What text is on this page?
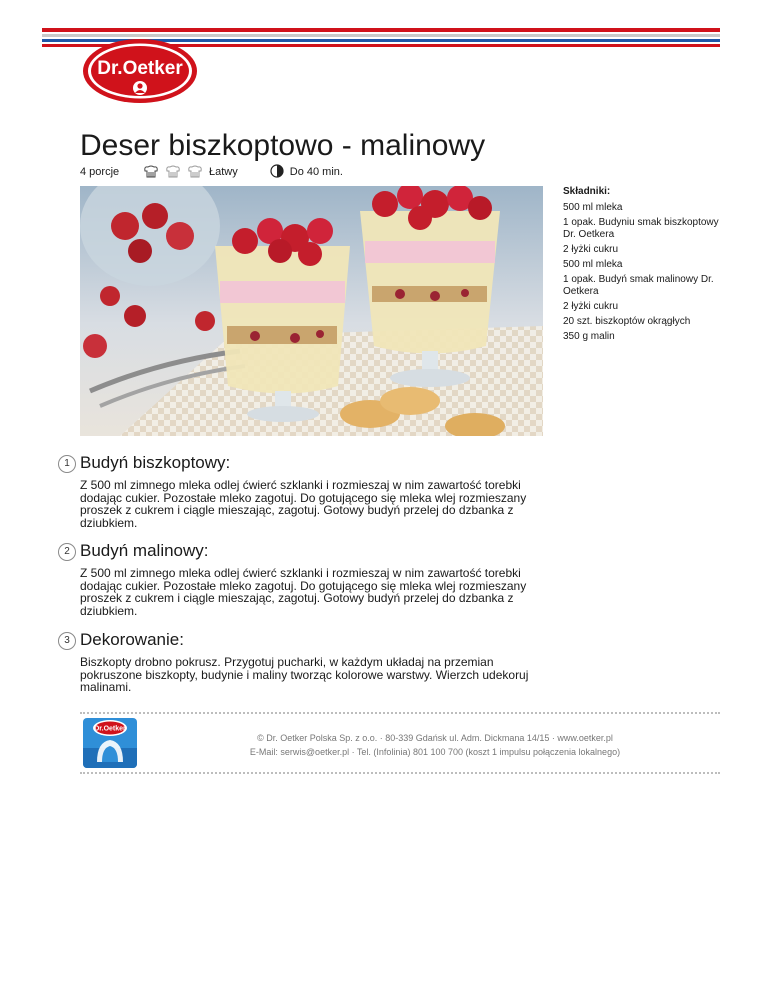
Dr.Oetker
Deser biszkoptowo - malinowy
4 porcje	Łatwy	Do 40 min.
Składniki:
500 ml mleka
1 opak. Budyniu smak biszkoptowy Dr. Oetkera
2 łyżki cukru
500 ml mleka
1 opak. Budyń smak malinowy Dr. Oetkera
2 łyżki cukru
20 szt. biszkoptów okrągłych
350 g malin
1 Budyń biszkoptowy:
Z 500 ml zimnego mleka odlej ćwierć szklanki i rozmieszaj w nim zawartość torebki dodając cukier. Pozostałe mleko zagotuj. Do gotującego się mleka wlej rozmieszany proszek z cukrem i ciągle mieszając, zagotuj. Gotowy budyń przelej do dzbanka z dziubkiem.
2 Budyń malinowy:
Z 500 ml zimnego mleka odlej ćwierć szklanki i rozmieszaj w nim zawartość torebki dodając cukier. Pozostałe mleko zagotuj. Do gotującego się mleka wlej rozmieszany proszek z cukrem i ciągle mieszając, zagotuj. Gotowy budyń przelej do dzbanka z dziubkiem.
3 Dekorowanie:
Biszkopty drobno pokrusz. Przygotuj pucharki, w każdym układaj na przemian pokruszone biszkopty, budynie i maliny tworząc kolorowe warstwy. Wierzch udekoruj malinami.
Dr.Oetker
© Dr. Oetker Polska Sp. z o.o. · 80-339 Gdańsk ul. Adm. Dickmana 14/15 · www.oetker.pl
E-Mail: serwis@oetker.pl · Tel. (Infolinia) 801 100 700 (koszt 1 impulsu połączenia lokalnego)
